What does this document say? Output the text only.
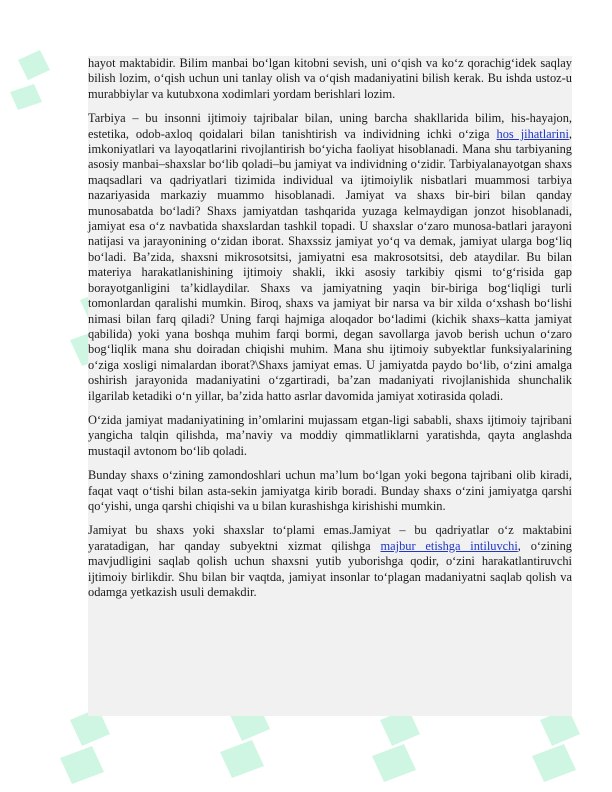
hayot maktabidir. Bilim manbai bo‘lgan kitobni sevish, uni o‘qish va ko‘z qorachig‘idek saqlay bilish lozim, o‘qish uchun uni tanlay olish va o‘qish madaniyatini bilish kerak. Bu ishda ustoz-u murabbiylar va kutubxona xodimlari yordam berishlari lozim.

Tarbiya – bu insonni ijtimoiy tajribalar bilan, uning barcha shakllarida bilim, his-hayajon, estetika, odob-axloq qoidalari bilan tanishtirish va individning ichki o‘ziga hos jihatlarini, imkoniyatlari va layoqatlarini rivojlantirish bo‘yicha faoliyat hisoblanadi. Mana shu tarbiyaning asosiy manbai–shaxslar bo‘lib qoladi–bu jamiyat va individning o‘zidir. Tarbiyalanayotgan shaxs maqsadlari va qadriyatlari tizimida individual va ijtimoiylik nisbatlari muammosi tarbiya nazariyasida markaziy muammo hisoblanadi. Jamiyat va shaxs bir-biri bilan qanday munosabatda bo‘ladi? Shaxs jamiyatdan tashqarida yuzaga kelmaydigan jonzot hisoblanadi, jamiyat esa o‘z navbatida shaxslardan tashkil topadi. U shaxslar o‘zaro munosa-batlari jarayoni natijasi va jarayonining o‘zidan iborat. Shaxssiz jamiyat yo‘q va demak, jamiyat ularga bog‘liq bo‘ladi. Ba’zida, shaxsni mikrosotsitsi, jamiyatni esa makrosotsitsi, deb ataydilar. Bu bilan materiya harakatlanishining ijtimoiy shakli, ikki asosiy tarkibiy qismi to‘g‘risida gap borayotganligini ta’kidlaydilar. Shaxs va jamiyatning yaqin bir-biriga bog‘liqligi turli tomonlardan qaralishi mumkin. Biroq, shaxs va jamiyat bir narsa va bir xilda o‘xshash bo‘lishi nimasi bilan farq qiladi? Uning farqi hajmiga aloqador bo‘ladimi (kichik shaxs–katta jamiyat qabilida) yoki yana boshqa muhim farqi bormi, degan savollarga javob berish uchun o‘zaro bog‘liqlik mana shu doiradan chiqishi muhim. Mana shu ijtimoiy subyektlar funksiyalarining o‘ziga xosligi nimalardan iborat?\Shaxs jamiyat emas. U jamiyatda paydo bo‘lib, o‘zini amalga oshirish jarayonida madaniyatini o‘zgartiradi, ba’zan madaniyati rivojlanishida shunchalik ilgarilab ketadiki o‘n yillar, ba’zida hatto asrlar davomida jamiyat xotirasida qoladi.

O‘zida jamiyat madaniyatining in’omlarini mujassam etgan-ligi sababli, shaxs ijtimoiy tajribani yangicha talqin qilishda, ma’naviy va moddiy qimmatliklarni yaratishda, qayta anglashda mustaqil avtonom bo‘lib qoladi.

Bunday shaxs o‘zining zamondoshlari uchun ma’lum bo‘lgan yoki begona tajribani olib kiradi, faqat vaqt o‘tishi bilan asta-sekin jamiyatga kirib boradi. Bunday shaxs o‘zini jamiyatga qarshi qo‘yishi, unga qarshi chiqishi va u bilan kurashishga kirishishi mumkin.

Jamiyat bu shaxs yoki shaxslar to‘plami emas.Jamiyat – bu qadriyatlar o‘z maktabini yaratadigan, har qanday subyektni xizmat qilishga majbur etishga intiluvchi, o‘zining mavjudligini saqlab qolish uchun shaxsni yutib yuborishga qodir, o‘zini harakatlantiruvchi ijtimoiy birlikdir. Shu bilan bir vaqtda, jamiyat insonlar to‘plagan madaniyatni saqlab qolish va odamga yetkazish usuli demakdir.
